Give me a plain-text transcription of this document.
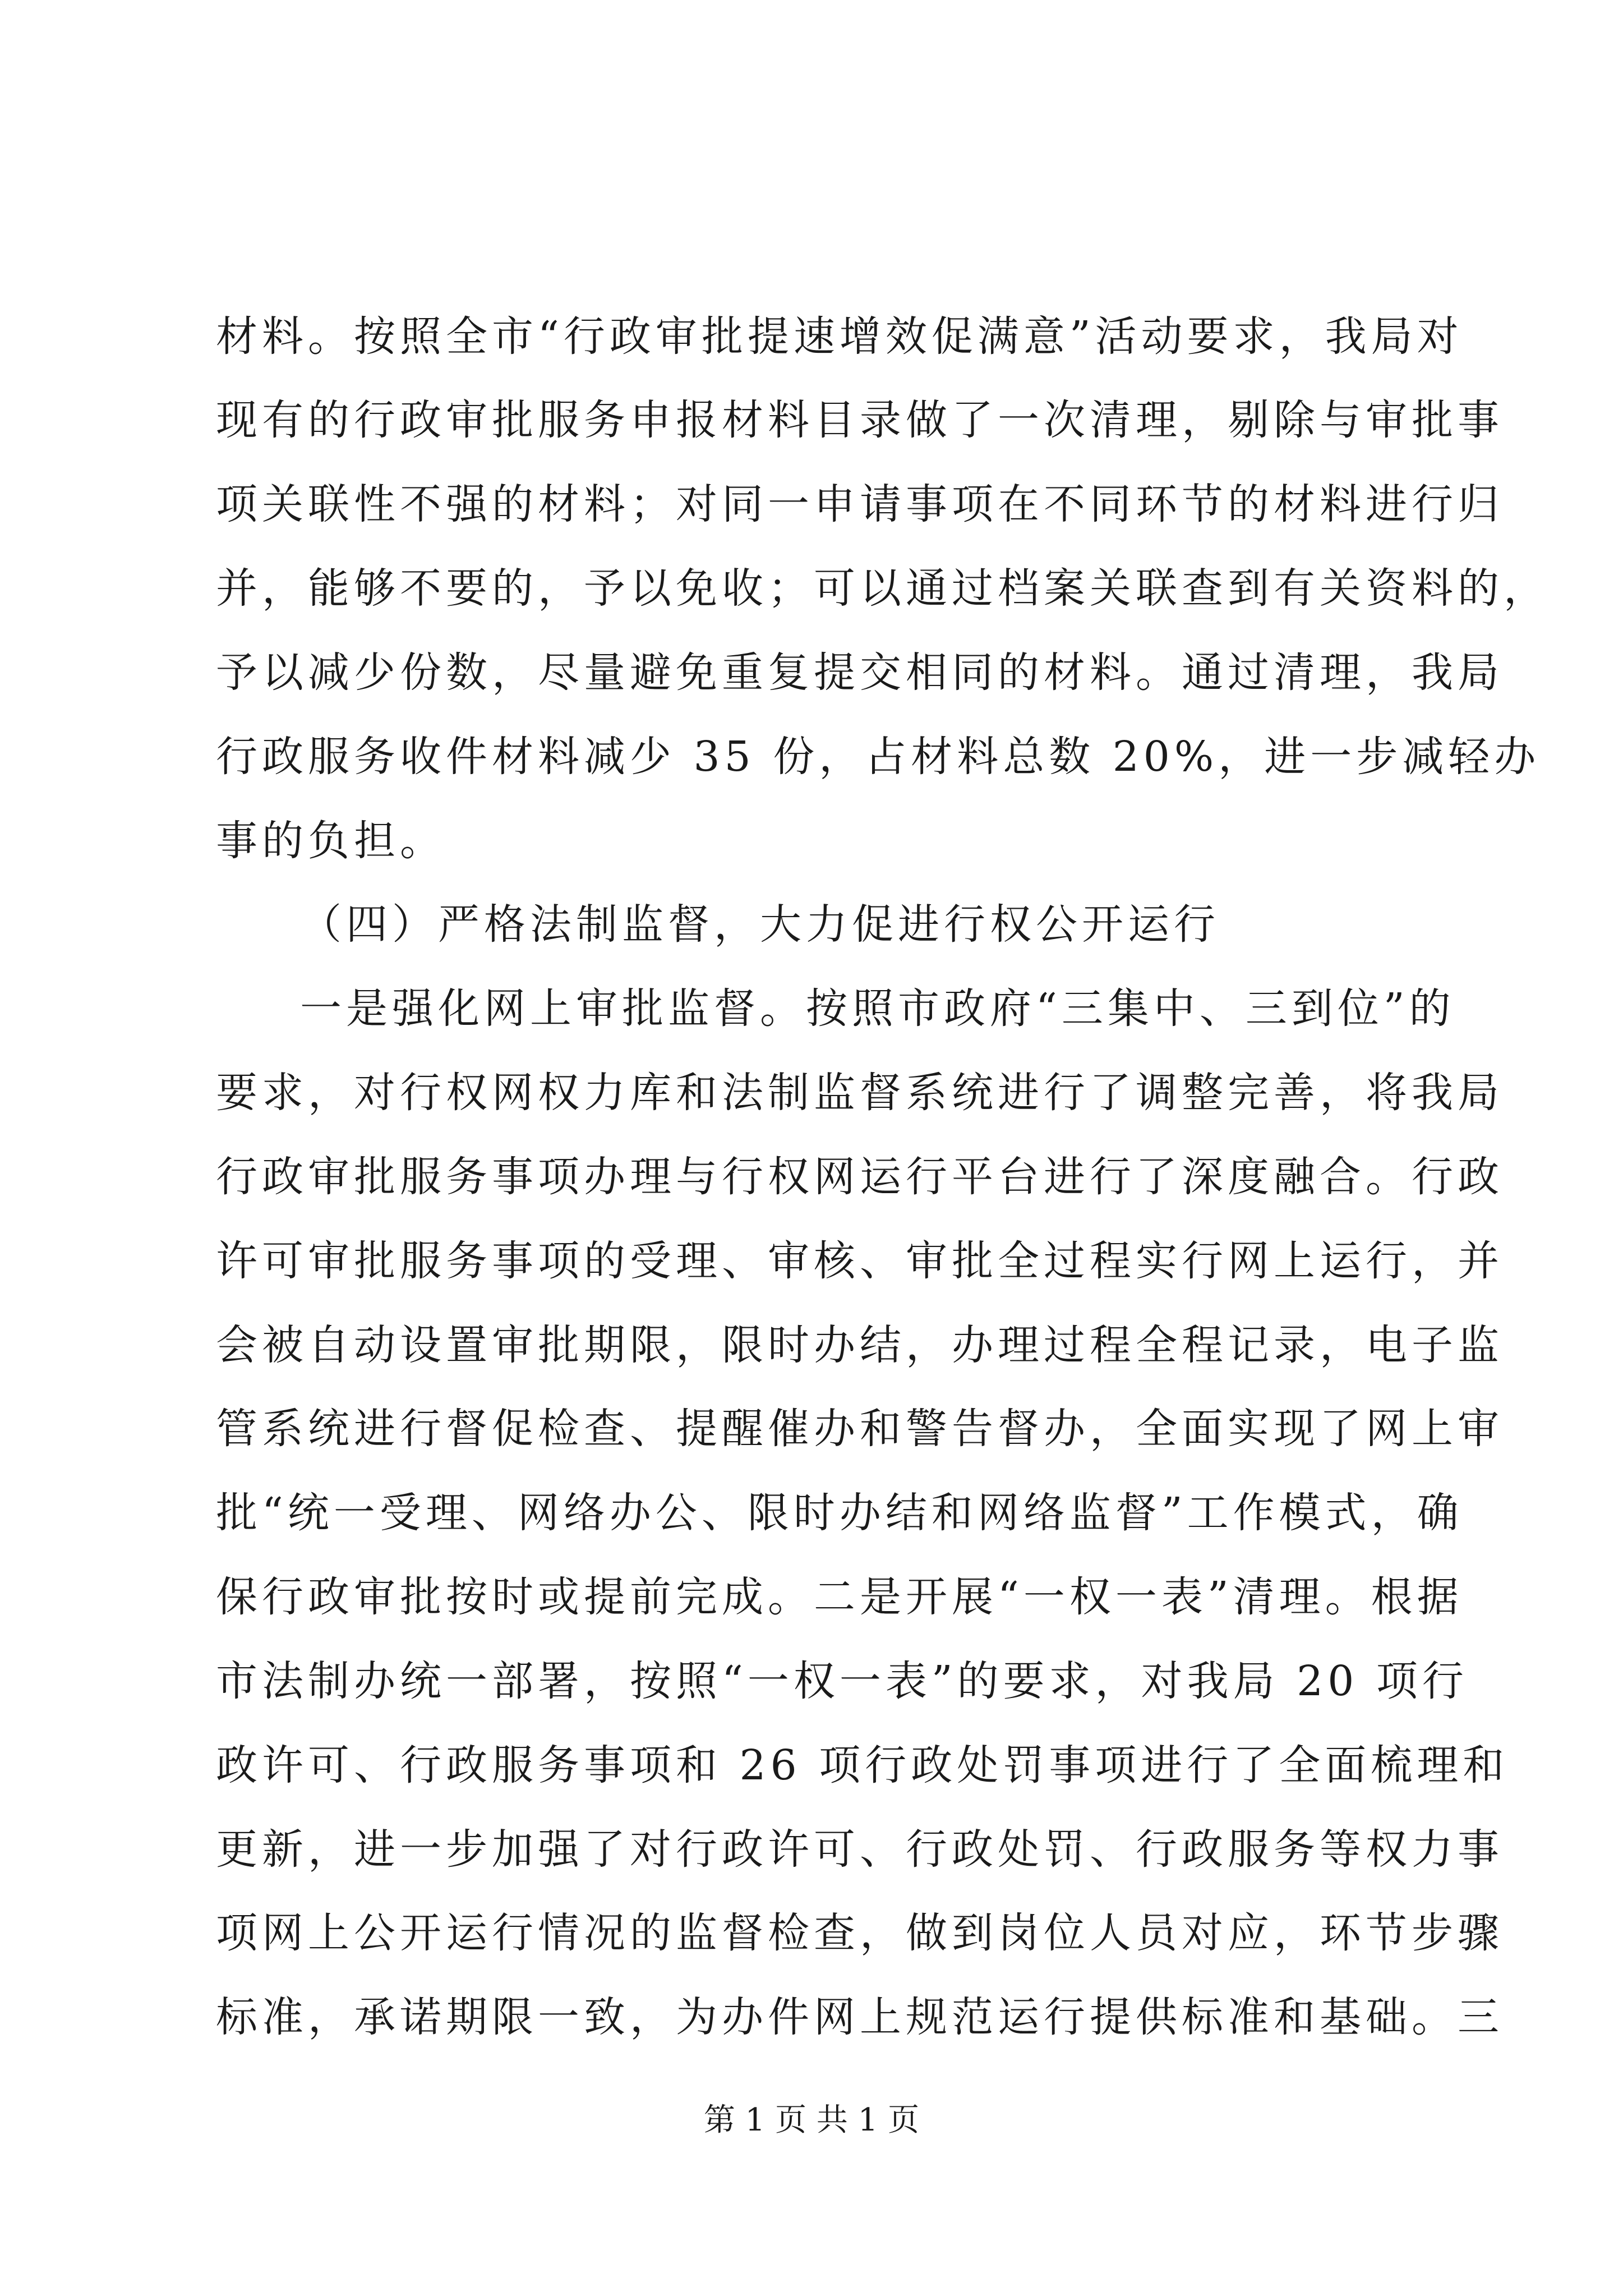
材料。按照全市“行政审批提速增效促满意”活动要求，我局对
现有的行政审批服务申报材料目录做了一次清理，剔除与审批事
项关联性不强的材料；对同一申请事项在不同环节的材料进行归
并，能够不要的，予以免收；可以通过档案关联查到有关资料的，
予以减少份数，尽量避免重复提交相同的材料。通过清理，我局
行政服务收件材料减少 35 份，占材料总数 20%，进一步减轻办
事的负担。
（四）严格法制监督，大力促进行权公开运行
一是强化网上审批监督。按照市政府“三集中、三到位”的
要求，对行权网权力库和法制监督系统进行了调整完善，将我局
行政审批服务事项办理与行权网运行平台进行了深度融合。行政
许可审批服务事项的受理、审核、审批全过程实行网上运行，并
会被自动设置审批期限，限时办结，办理过程全程记录，电子监
管系统进行督促检查、提醒催办和警告督办，全面实现了网上审
批“统一受理、网络办公、限时办结和网络监督”工作模式，确
保行政审批按时或提前完成。二是开展“一权一表”清理。根据
市法制办统一部署，按照“一权一表”的要求，对我局 20 项行
政许可、行政服务事项和 26 项行政处罚事项进行了全面梳理和
更新，进一步加强了对行政许可、行政处罚、行政服务等权力事
项网上公开运行情况的监督检查，做到岗位人员对应，环节步骤
标准，承诺期限一致，为办件网上规范运行提供标准和基础。三
第 1 页 共 1 页
